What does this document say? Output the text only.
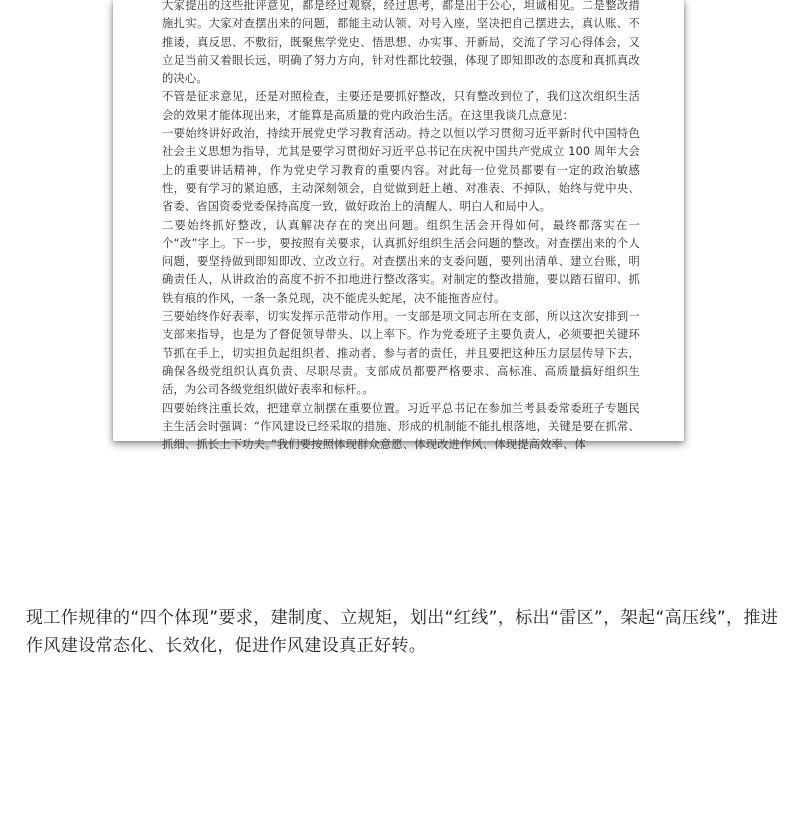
大家提出的这些批评意见，都是经过观察，经过思考，都是出于公心，坦诚相见。二是整改措施扎实。大家对查摆出来的问题，都能主动认领、对号入座，坚决把自己摆进去，真认账、不推诿，真反思、不敷衍，既聚焦学党史、悟思想、办实事、开新局，交流了学习心得体会，又立足当前又着眼长远，明确了努力方向，针对性都比较强，体现了即知即改的态度和真抓真改的决心。

不管是征求意见，还是对照检查，主要还是要抓好整改，只有整改到位了，我们这次组织生活会的效果才能体现出来，才能算是高质量的党内政治生活。在这里我谈几点意见：

一要始终讲好政治，持续开展党史学习教育活动。持之以恒以学习贯彻习近平新时代中国特色社会主义思想为指导，尤其是要学习贯彻好习近平总书记在庆祝中国共产党成立 100 周年大会上的重要讲话精神，作为党史学习教育的重要内容。对此每一位党员都要有一定的政治敏感性，要有学习的紧迫感，主动深刻领会，自觉做到赶上趟、对准表、不掉队，始终与党中央、省委、省国资委党委保持高度一致，做好政治上的清醒人、明白人和局中人。

二要始终抓好整改，认真解决存在的突出问题。组织生活会开得如何，最终都落实在一个“改”字上。下一步，要按照有关要求，认真抓好组织生活会问题的整改。对查摆出来的个人问题，要坚持做到即知即改、立改立行。对查摆出来的支委问题，要列出清单、建立台账，明确责任人，从讲政治的高度不折不扣地进行整改落实。对制定的整改措施，要以踏石留印、抓铁有痕的作风，一条一条兑现，决不能虎头蛇尾，决不能拖沓应付。

三要始终作好表率，切实发挥示范带动作用。一支部是项文同志所在支部，所以这次安排到一支部来指导，也是为了督促领导带头、以上率下。作为党委班子主要负责人，必须要把关键环节抓在手上，切实担负起组织者、推动者、参与者的责任，并且要把这种压力层层传导下去，确保各级党组织认真负责、尽职尽责。支部成员都要严格要求、高标准、高质量搞好组织生活，为公司各级党组织做好表率和标杆。。

四要始终注重长效，把建章立制摆在重要位置。习近平总书记在参加兰考县委常委班子专题民主生活会时强调：“作风建设已经采取的措施、形成的机制能不能扎根落地，关键是要在抓常、抓细、抓长上下功夫。”我们要按照体现群众意愿、体现改进作风、体现提高效率、体

现工作规律的“四个体现”要求，建制度、立规矩，划出“红线”，标出“雷区”，架起“高压线”，推进作风建设常态化、长效化，促进作风建设真正好转。
